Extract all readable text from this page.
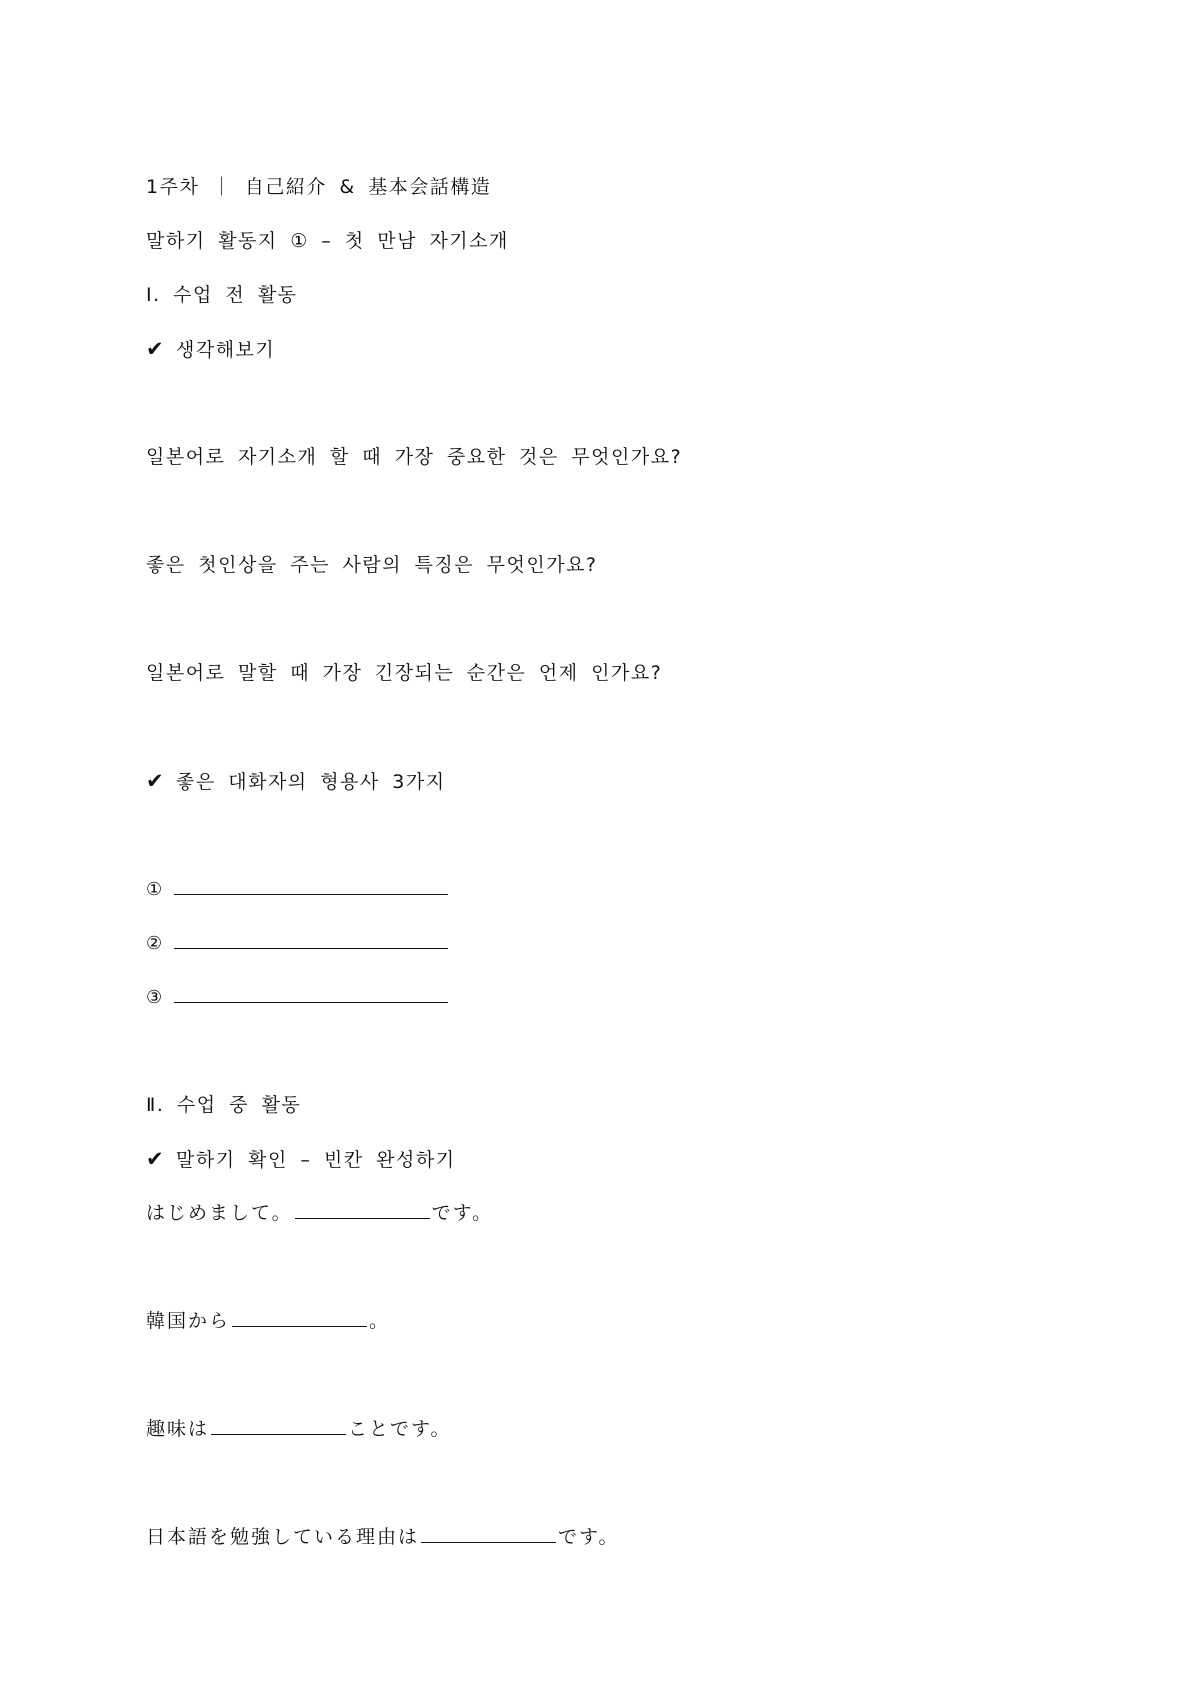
1주차 ｜ 自己紹介 & 基本会話構造
말하기 활동지 ① – 첫 만남 자기소개
Ⅰ. 수업 전 활동
✔ 생각해보기
일본어로 자기소개 할 때 가장 중요한 것은 무엇인가요?
좋은 첫인상을 주는 사람의 특징은 무엇인가요?
일본어로 말할 때 가장 긴장되는 순간은 언제 인가요?
✔ 좋은 대화자의 형용사 3가지
①
②
③
Ⅱ. 수업 중 활동
✔ 말하기 확인 – 빈칸 완성하기
はじめまして。	です。
韓国から	。
趣味は	ことです。
日本語を勉強している理由は	です。
